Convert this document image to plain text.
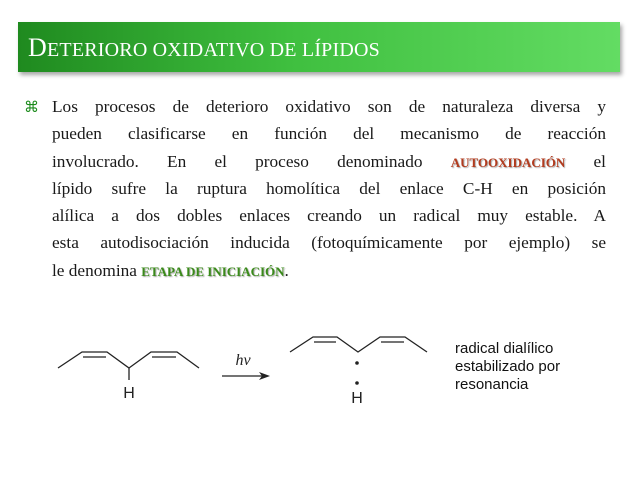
DETERIORO OXIDATIVO DE LÍPIDOS
⌘ Los procesos de deterioro oxidativo son de naturaleza diversa y
pueden clasificarse en función del mecanismo de reacción
involucrado. En el proceso denominado AUTOOXIDACIÓN el
lípido sufre la ruptura homolítica del enlace C-H en posición
alílica a dos dobles enlaces creando un radical muy estable. A
esta autodisociación inducida (fotoquímicamente por ejemplo) se
le denomina ETAPA DE INICIACIÓN.
H
hν
H
radical dialílico
estabilizado por
resonancia
